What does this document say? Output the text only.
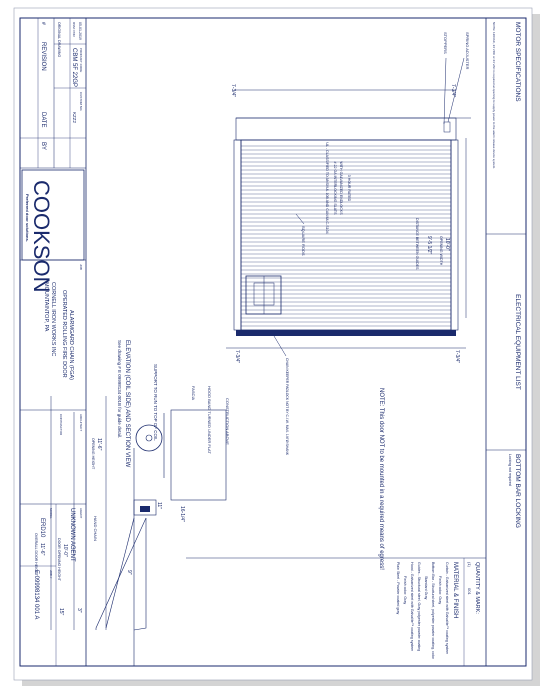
MOTOR SPECIFICATIONS
NOTE: 120VAC, 24 VDC or 24 VAC is required at opening to supply power to the alarm release device system.
ELECTRICAL EQUIPMENT LIST
BOTTOM BAR LOCKING
Locking not required
QUANTITY & MARK:
(1)
001
MATERIAL & FINISH
Curtain - Galvanized steel with Galvalite™ coating system
Finish color: Gray
Bottom Bar - Structural steel, polyester powder coating, color
Standard Gray
Guides - Structural steel, Gray polyester powder coating
Hood - Galvanized steel with Galvalite™ coating system
Finish color: Gray
Plain Steel - Powder coated gray
SPRING ADJUSTER
STOPPERS
SQUARE RODS
UL - CLASSIFIED TO ANSI/UL 10B AND CAN/ULC-S104 # 22 GA INTERLOCKING SLATS WITH GALVANIZED ENDLOCKS 3 HOUR RATED
7-3/4"
7-3/4"
7-3/4"
7-3/4"
10'-0"
OPENING WIDTH
9'-5 1/2"
DISTANCE BETWEEN GUIDES
CHAIN KEEPER PADLOCK NOT BY C.I.W. MAX. 1/4"Ø SHANK	NOTE: This door NOT to be mounted in a required means of egress!
ELEVATION (COIL SIDE) AND SECTION VIEW
See drawing # E 09998134 001B for guide detail.	CONSTRUCTION ABOVE
HOOD BAND TURNED UNDER FLAT
FASCIA
HAND CHAIN
SUPPORT TO RUN TO TOP OF COIL
11'-6"
OPENING HEIGHT
10'-0"
DOOR OPENING HEIGHT
11'-6"
OVERALL DOOR HEIGHT
16-1/4"
11"
9"
3"
15"
05-01-2019
RSM: PDR
PRODUCT CODE
CBM 5F 22GP
CUSTOM NO.
KZZ2
ORIGINAL DRAWING
#
REVISION
DATE
BY
COOKSON
Preferred door solutions.
JOB
ALARMGARD CHAIN (FGA)
OPERATED ROLLING FIRE DOOR
CORNELL IRON WORKS INC
MOUNTAINTOP, PA
ARCHITECT
CONTRACTOR
AGENT
UNKNOWN AGENT
MODEL
ERD10
JOB #
E 09998134 001 A
